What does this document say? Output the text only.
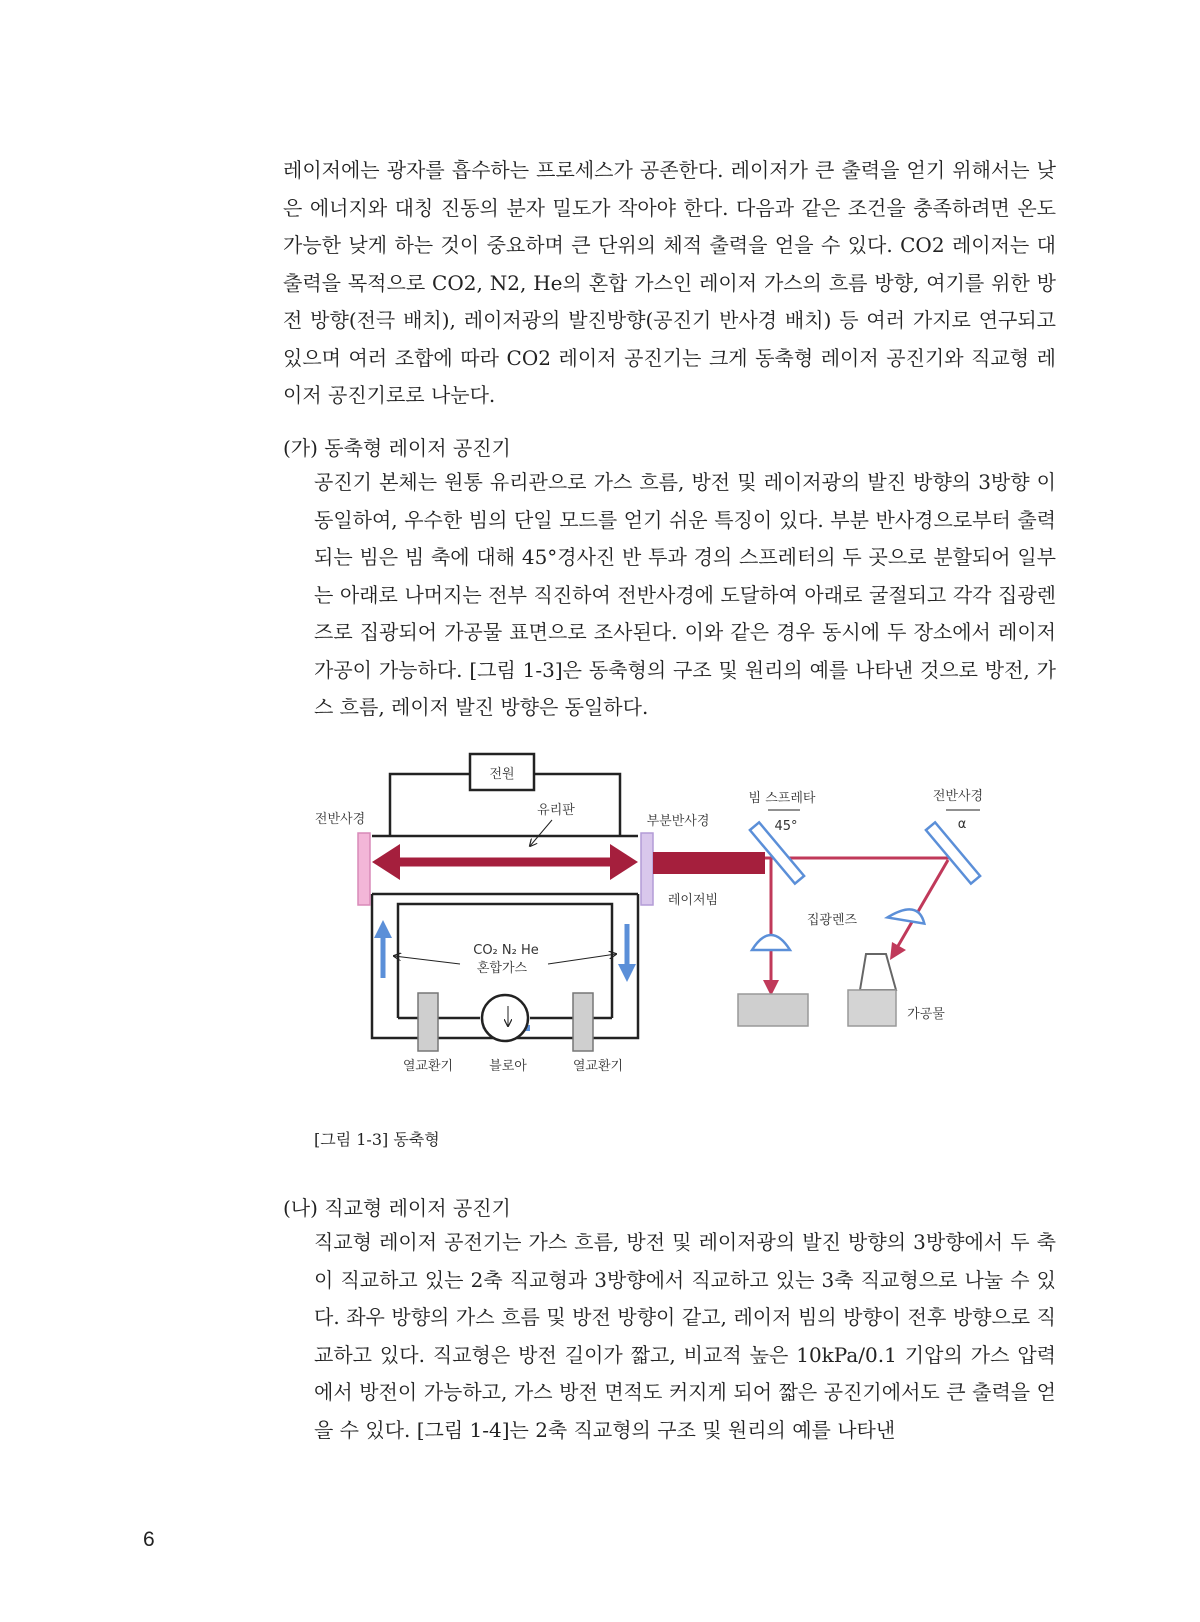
레이저에는 광자를 흡수하는 프로세스가 공존한다. 레이저가 큰 출력을 얻기 위해서는 낮은 에너지와 대칭 진동의 분자 밀도가 작아야 한다. 다음과 같은 조건을 충족하려면 온도 가능한 낮게 하는 것이 중요하며 큰 단위의 체적 출력을 얻을 수 있다. CO2 레이저는 대출력을 목적으로 CO2, N2, He의 혼합 가스인 레이저 가스의 흐름 방향, 여기를 위한 방전 방향(전극 배치), 레이저광의 발진방향(공진기 반사경 배치) 등 여러 가지로 연구되고 있으며 여러 조합에 따라 CO2 레이저 공진기는 크게 동축형 레이저 공진기와 직교형 레이저 공진기로로 나눈다.

(가) 동축형 레이저 공진기

공진기 본체는 원통 유리관으로 가스 흐름, 방전 및 레이저광의 발진 방향의 3방향 이동일하여, 우수한 빔의 단일 모드를 얻기 쉬운 특징이 있다. 부분 반사경으로부터 출력되는 빔은 빔 축에 대해 45°경사진 반 투과 경의 스프레터의 두 곳으로 분할되어 일부는 아래로 나머지는 전부 직진하여 전반사경에 도달하여 아래로 굴절되고 각각 집광렌즈로 집광되어 가공물 표면으로 조사된다. 이와 같은 경우 동시에 두 장소에서 레이저 가공이 가능하다. [그림 1-3]은 동축형의 구조 및 원리의 예를 나타낸 것으로 방전, 가스 흐름, 레이저 발진 방향은 동일하다.

전원
유리판
전반사경	부분반사경
빔 스프레타
45°
전반사경
α
레이저빔
집광렌즈
CO₂ N₂ He
혼합가스
가공물
열교환기	블로아	열교환기

[그림 1-3] 동축형

(나) 직교형 레이저 공진기

직교형 레이저 공전기는 가스 흐름, 방전 및 레이저광의 발진 방향의 3방향에서 두 축이 직교하고 있는 2축 직교형과 3방향에서 직교하고 있는 3축 직교형으로 나눌 수 있다. 좌우 방향의 가스 흐름 및 방전 방향이 같고, 레이저 빔의 방향이 전후 방향으로 직교하고 있다. 직교형은 방전 길이가 짧고, 비교적 높은 10kPa/0.1 기압의 가스 압력에서 방전이 가능하고, 가스 방전 면적도 커지게 되어 짧은 공진기에서도 큰 출력을 얻을 수 있다. [그림 1-4]는 2축 직교형의 구조 및 원리의 예를 나타낸

6
